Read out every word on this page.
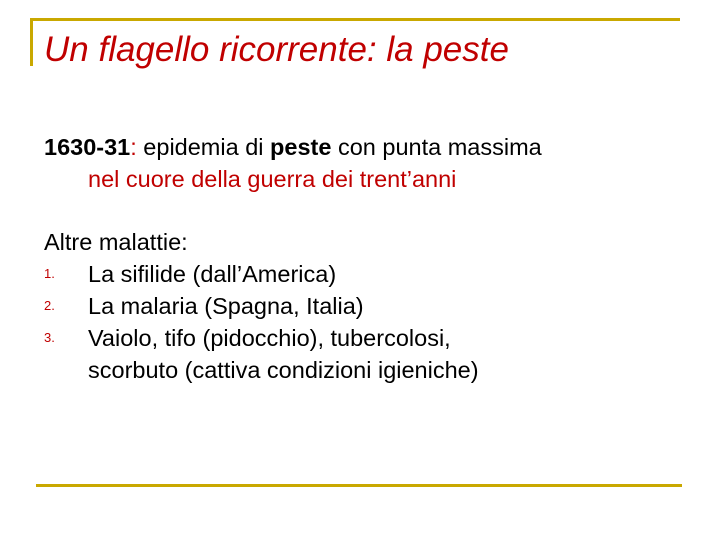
Un flagello ricorrente: la peste

1630-31: epidemia di peste con punta massima

nel cuore della guerra dei trent’anni
Altre malattie:
1. La sifilide (dall’America)
2. La malaria (Spagna, Italia)
3. Vaiolo, tifo (pidocchio), tubercolosi,
scorbuto (cattiva condizioni igieniche)
